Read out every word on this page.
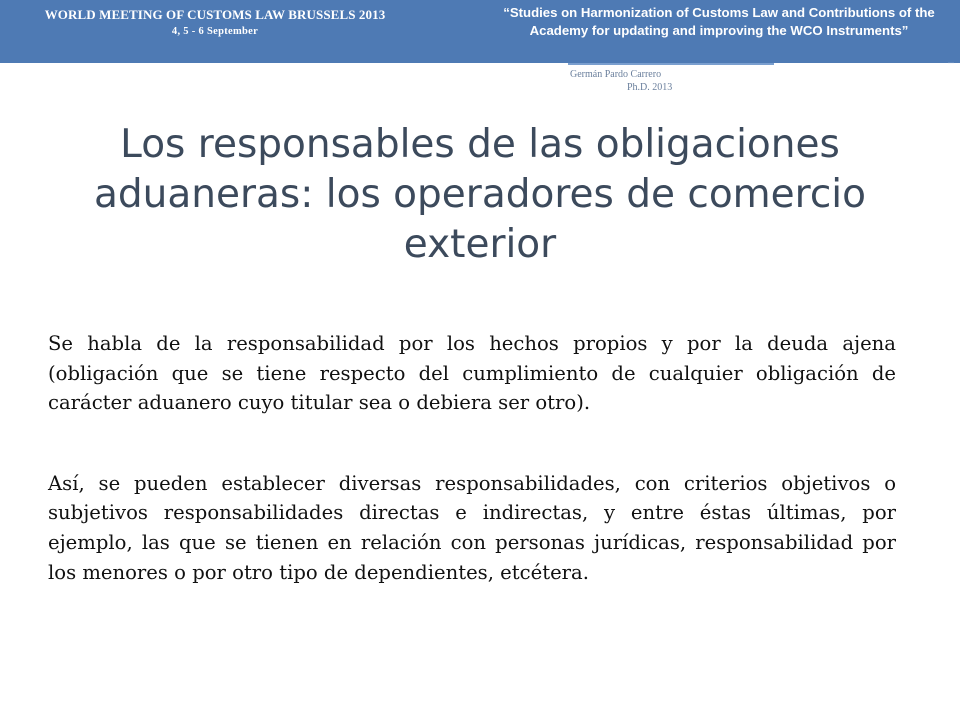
WORLD MEETING OF CUSTOMS LAW BRUSSELS 2013
4, 5 - 6 September
“Studies on Harmonization of Customs Law and Contributions of the Academy for updating and improving the WCO Instruments”
⋯
Germán Pardo Carrero
Ph.D. 2013
Los responsables de las obligaciones aduaneras: los operadores de comercio exterior

Se habla de la responsabilidad por los hechos propios y por la deuda ajena (obligación que se tiene respecto del cumplimiento de cualquier obligación de carácter aduanero cuyo titular sea o debiera ser otro).

Así, se pueden establecer diversas responsabilidades, con criterios objetivos o subjetivos responsabilidades directas e indirectas, y entre éstas últimas, por ejemplo, las que se tienen en relación con personas jurídicas, responsabilidad por los menores o por otro tipo de dependientes, etcétera.
